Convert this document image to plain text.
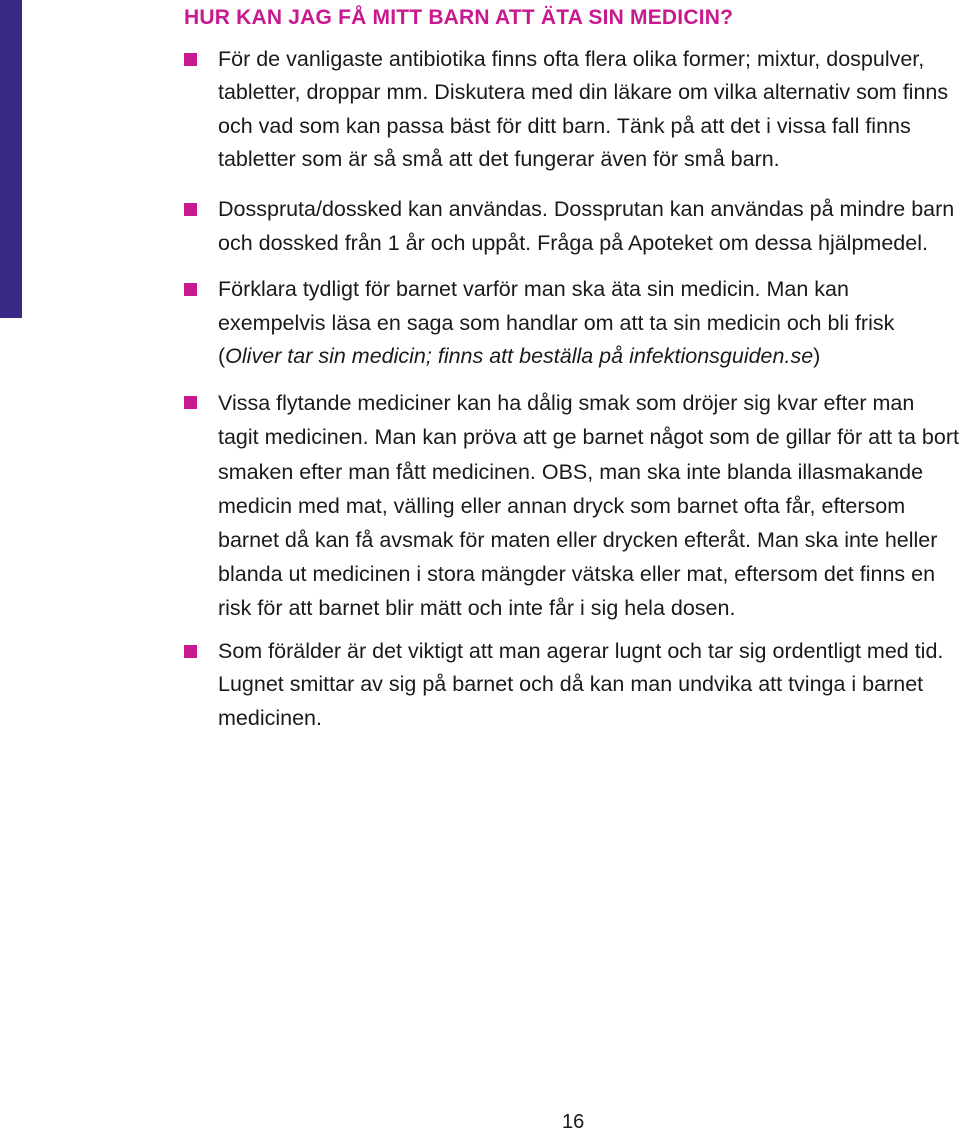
HUR KAN JAG FÅ MITT BARN ATT ÄTA SIN MEDICIN?
För de vanligaste antibiotika finns ofta flera olika former; mixtur, dospulver, tabletter, droppar mm. Diskutera med din läkare om vilka alternativ som finns och vad som kan passa bäst för ditt barn. Tänk på att det i vissa fall finns tabletter som är så små att det fungerar även för små barn.
Dosspruta/dossked kan användas. Dossprutan kan användas på mindre barn och dossked från 1 år och uppåt. Fråga på Apoteket om dessa hjälpmedel.
Förklara tydligt för barnet varför man ska äta sin medicin. Man kan exempelvis läsa en saga som handlar om att ta sin medicin och bli frisk (Oliver tar sin medicin; finns att beställa på infektionsguiden.se)
Vissa flytande mediciner kan ha dålig smak som dröjer sig kvar efter man tagit medicinen. Man kan pröva att ge barnet något som de gillar för att ta bort smaken efter man fått medicinen. OBS, man ska inte blanda illasmakande medicin med mat, välling eller annan dryck som barnet ofta får, eftersom barnet då kan få avsmak för maten eller drycken efteråt. Man ska inte heller blanda ut medicinen i stora mängder vätska eller mat, eftersom det finns en risk för att barnet blir mätt och inte får i sig hela dosen.
Som förälder är det viktigt att man agerar lugnt och tar sig ordentligt med tid. Lugnet smittar av sig på barnet och då kan man undvika att tvinga i barnet medicinen.
16
